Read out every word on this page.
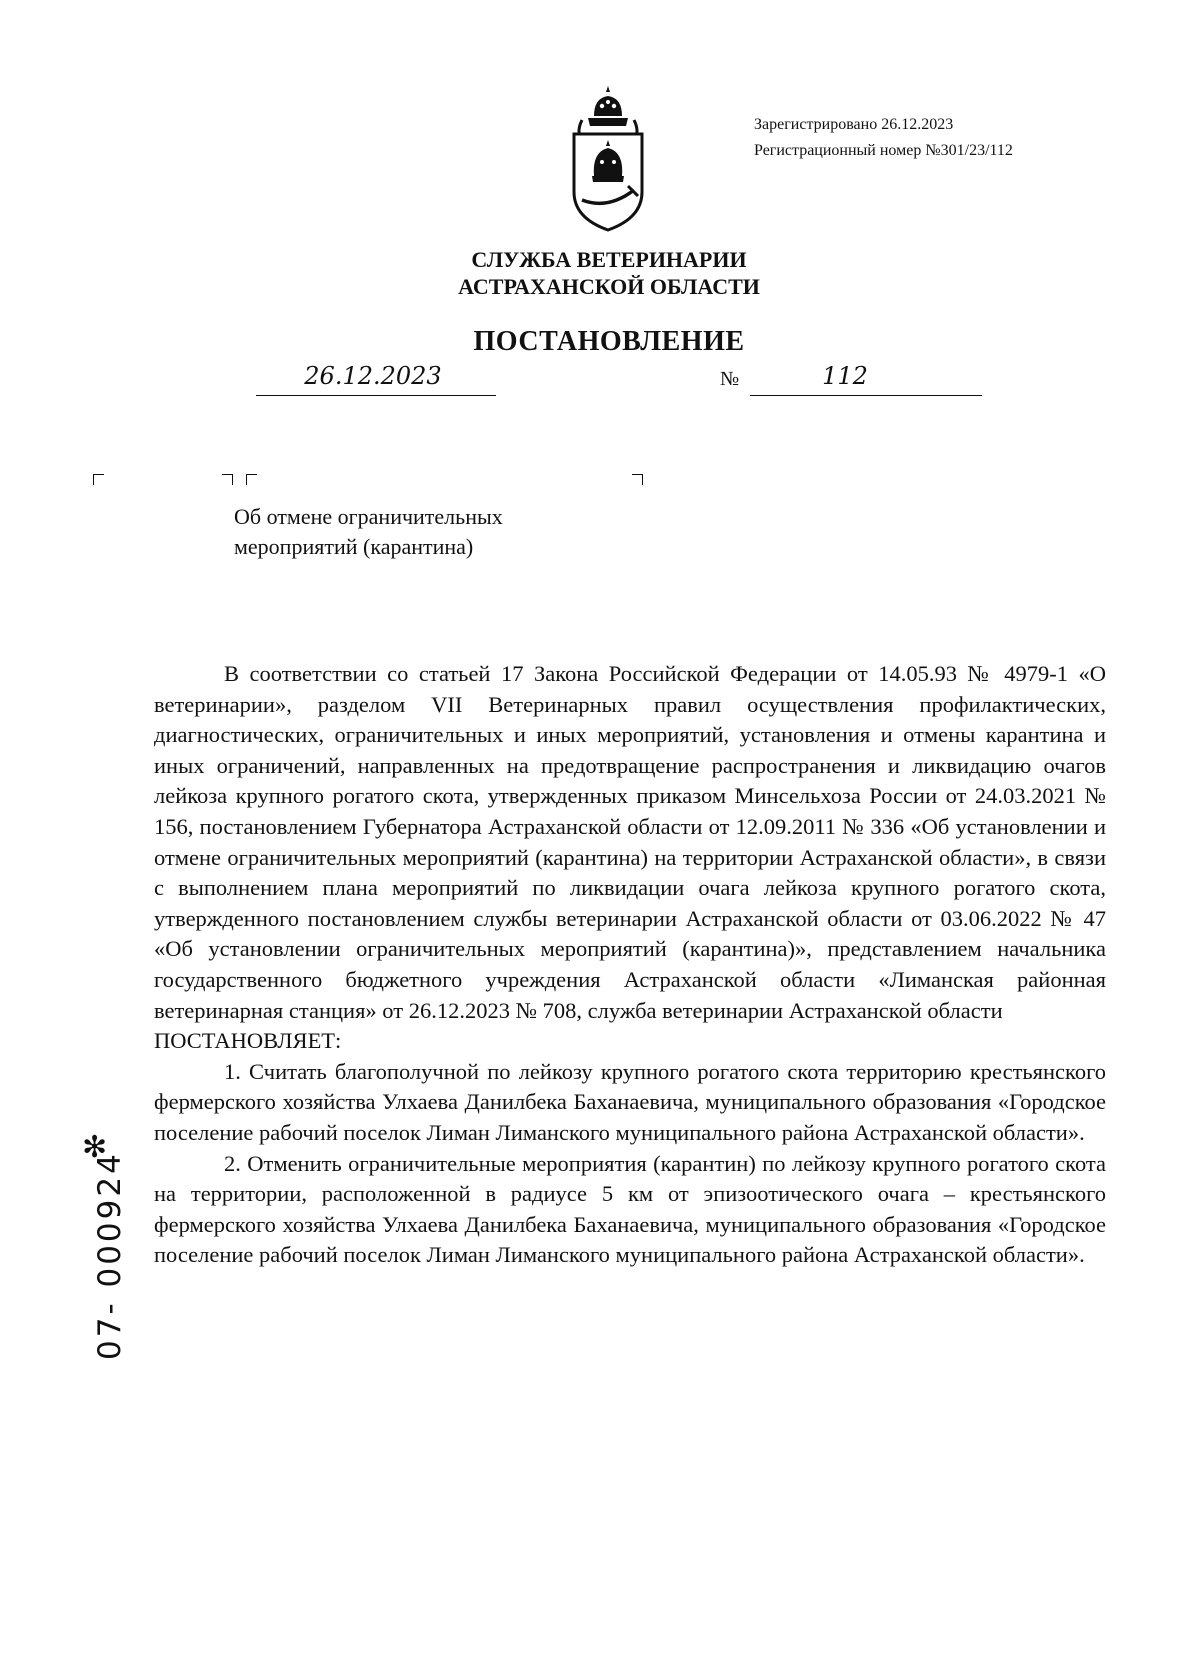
Зарегистрировано 26.12.2023
Регистрационный номер №301/23/112
СЛУЖБА ВЕТЕРИНАРИИ
АСТРАХАНСКОЙ ОБЛАСТИ
ПОСТАНОВЛЕНИЕ
26.12.2023	№	112
Об отмене ограничительных
мероприятий (карантина)

В соответствии со статьей 17 Закона Российской Федерации от 14.05.93 № 4979-1 «О ветеринарии», разделом VII Ветеринарных правил осуществления профилактических, диагностических, ограничительных и иных мероприятий, установления и отмены карантина и иных ограничений, направленных на предотвращение распространения и ликвидацию очагов лейкоза крупного рогатого скота, утвержденных приказом Минсельхоза России от 24.03.2021 № 156, постановлением Губернатора Астраханской области от 12.09.2011 № 336 «Об установлении и отмене ограничительных мероприятий (карантина) на территории Астраханской области», в связи с выполнением плана мероприятий по ликвидации очага лейкоза крупного рогатого скота, утвержденного постановлением службы ветеринарии Астраханской области от 03.06.2022 № 47 «Об установлении ограничительных мероприятий (карантина)», представлением начальника государственного бюджетного учреждения Астраханской области «Лиманская районная ветеринарная станция» от 26.12.2023 № 708, служба ветеринарии Астраханской области

ПОСТАНОВЛЯЕТ:

1. Считать благополучной по лейкозу крупного рогатого скота территорию крестьянского фермерского хозяйства Улхаева Данилбека Баханаевича, муниципального образования «Городское поселение рабочий поселок Лиман Лиманского муниципального района Астраханской области».

2. Отменить ограничительные мероприятия (карантин) по лейкозу крупного рогатого скота на территории, расположенной в радиусе 5 км от эпизоотического очага – крестьянского фермерского хозяйства Улхаева Данилбека Баханаевича, муниципального образования «Городское поселение рабочий поселок Лиман Лиманского муниципального района Астраханской области».

✻
07- 000924
